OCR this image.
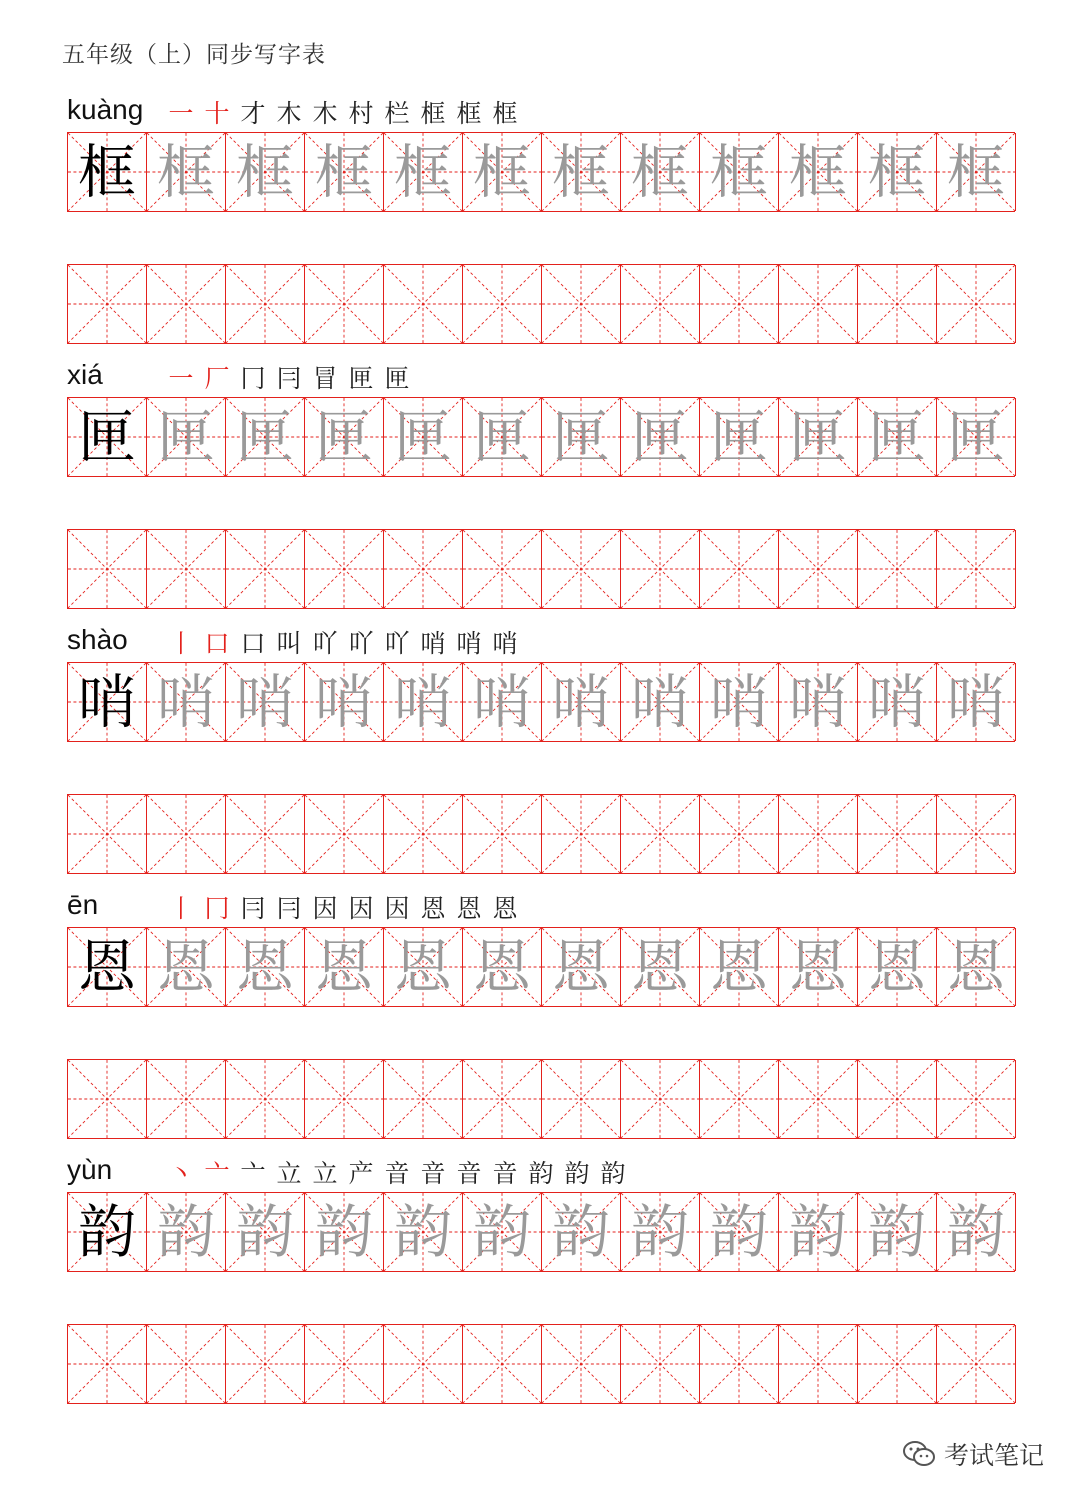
五年级（上）同步写字表
kuàng 一 十 才 木 木 村 栏 框 框 框
框 框 框 框 框 框 框 框 框 框 框 框
xiá	一 厂 冂 冃 冒 匣 匣
匣 匣 匣 匣 匣 匣 匣 匣 匣 匣 匣 匣
shào 丨 口 口 叫 吖 吖 吖 哨 哨 哨
哨 哨 哨 哨 哨 哨 哨 哨 哨 哨 哨 哨
ēn	丨 冂 冃 冃 因 因 因 恩 恩 恩
恩 恩 恩 恩 恩 恩 恩 恩 恩 恩 恩 恩
yùn 丶 亠 亠 立 立 产 音 音 音 音 韵 韵 韵
韵 韵 韵 韵 韵 韵 韵 韵 韵 韵 韵 韵
考试笔记
